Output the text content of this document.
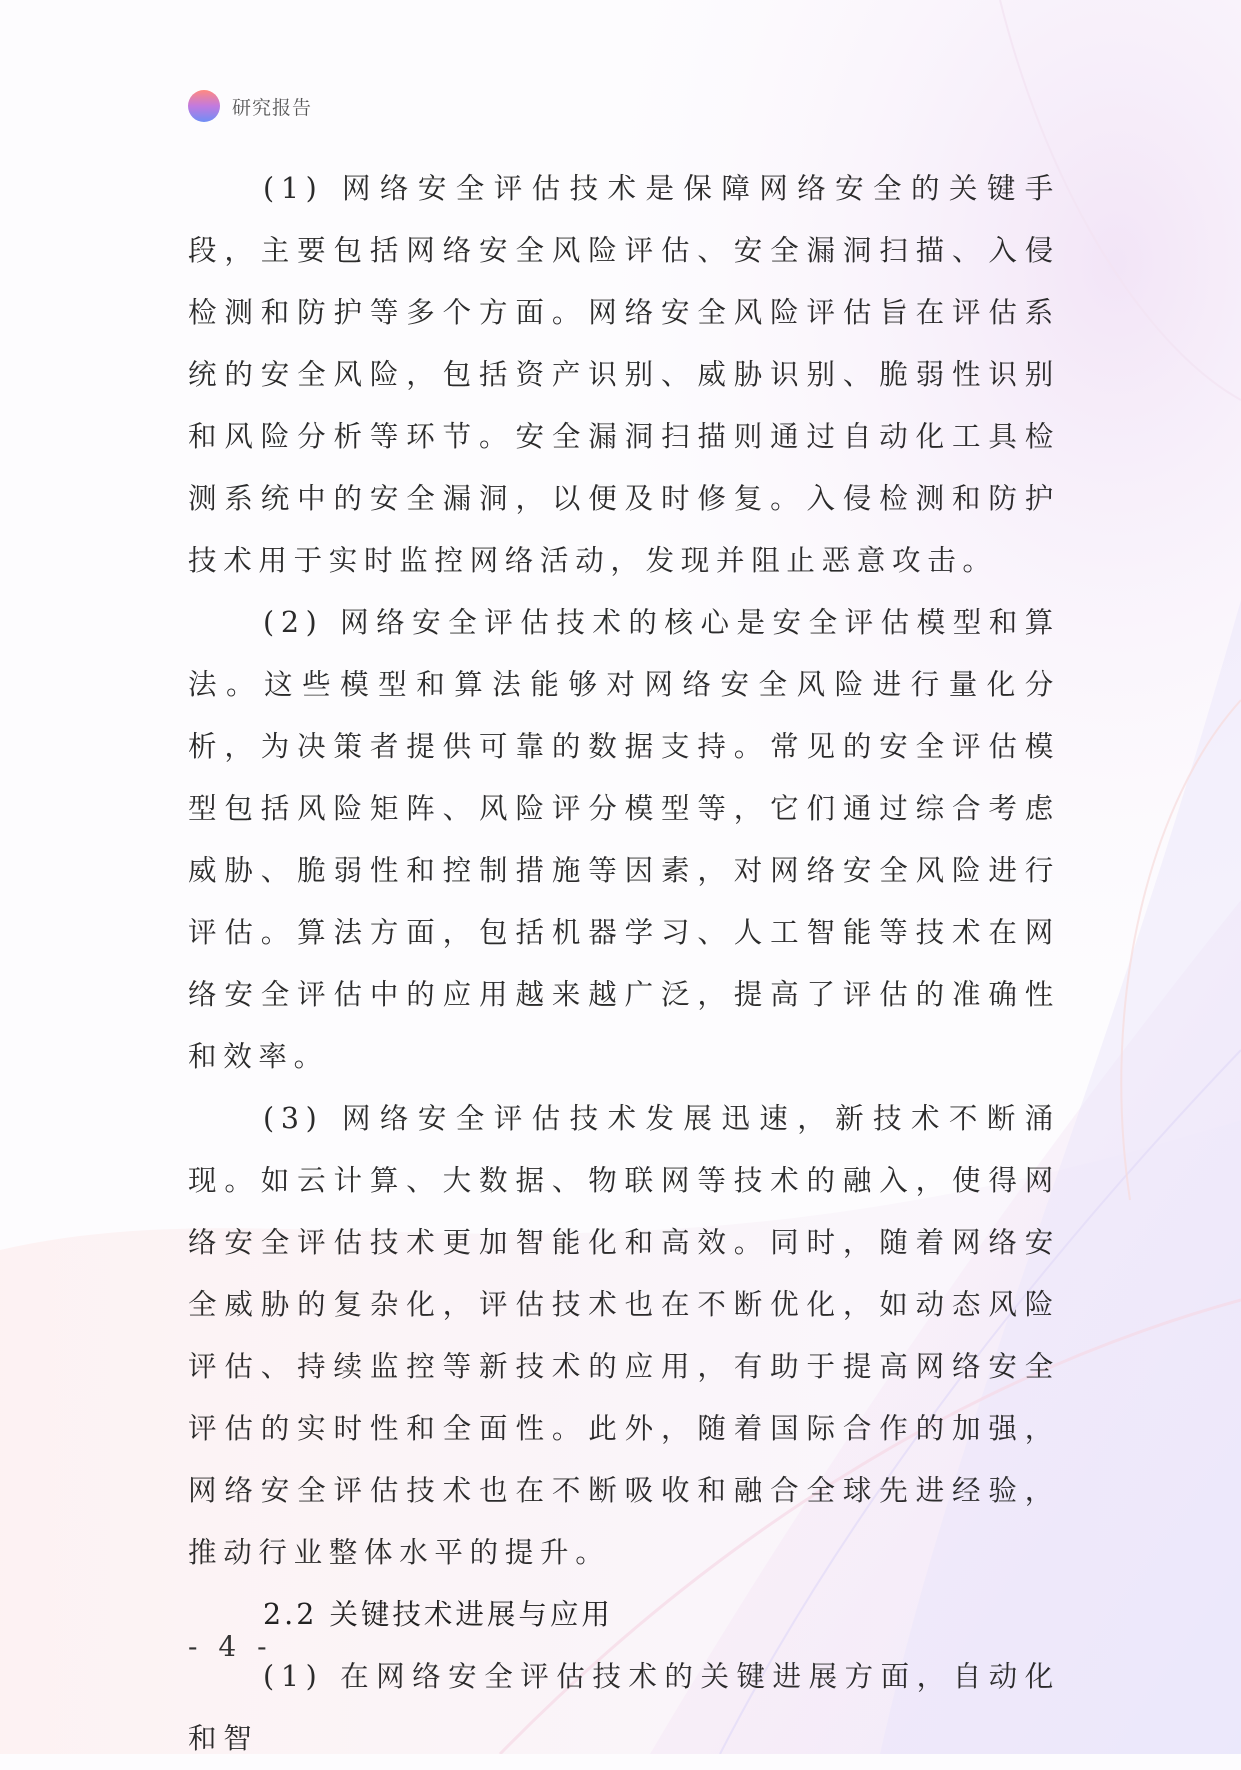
研究报告

(1) 网络安全评估技术是保障网络安全的关键手段，主要包括网络安全风险评估、安全漏洞扫描、入侵检测和防护等多个方面。网络安全风险评估旨在评估系统的安全风险，包括资产识别、威胁识别、脆弱性识别和风险分析等环节。安全漏洞扫描则通过自动化工具检测系统中的安全漏洞，以便及时修复。入侵检测和防护技术用于实时监控网络活动，发现并阻止恶意攻击。

(2) 网络安全评估技术的核心是安全评估模型和算法。这些模型和算法能够对网络安全风险进行量化分析，为决策者提供可靠的数据支持。常见的安全评估模型包括风险矩阵、风险评分模型等，它们通过综合考虑威胁、脆弱性和控制措施等因素，对网络安全风险进行评估。算法方面，包括机器学习、人工智能等技术在网络安全评估中的应用越来越广泛，提高了评估的准确性和效率。

(3) 网络安全评估技术发展迅速，新技术不断涌现。如云计算、大数据、物联网等技术的融入，使得网络安全评估技术更加智能化和高效。同时，随着网络安全威胁的复杂化，评估技术也在不断优化，如动态风险评估、持续监控等新技术的应用，有助于提高网络安全评估的实时性和全面性。此外，随着国际合作的加强，网络安全评估技术也在不断吸收和融合全球先进经验，推动行业整体水平的提升。

2.2 关键技术进展与应用

(1) 在网络安全评估技术的关键进展方面，自动化和智

- 4 -
